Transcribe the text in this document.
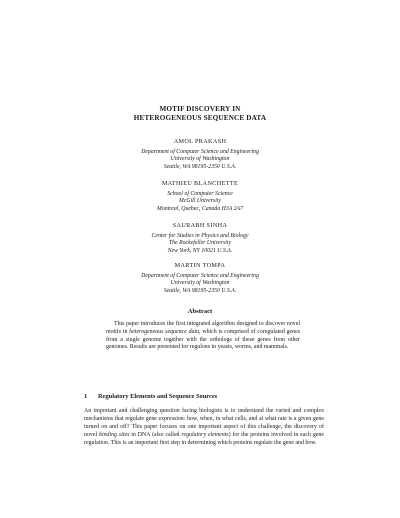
MOTIF DISCOVERY IN
HETEROGENEOUS SEQUENCE DATA
AMOL PRAKASH
Department of Computer Science and Engineering
University of Washington
Seattle, WA 98195-2350 U.S.A.
MATHIEU BLANCHETTE
School of Computer Science
McGill University
Montreal, Quebec, Canada H3A 2A7
SAURABH SINHA
Center for Studies in Physics and Biology
The Rockefeller University
New York, NY 10021 U.S.A.
MARTIN TOMPA
Department of Computer Science and Engineering
University of Washington
Seattle, WA 98195-2350 U.S.A.
Abstract
This paper introduces the first integrated algorithm designed to discover novel motifs in heterogeneous sequence data, which is comprised of coregulated genes from a single genome together with the orthologs of these genes from other genomes. Results are presented for regulons in yeasts, worms, and mammals.
1 Regulatory Elements and Sequence Sources
An important and challenging question facing biologists is to understand the varied and complex mechanisms that regulate gene expression: how, when, in what cells, and at what rate is a given gene turned on and off? This paper focuses on one important aspect of this challenge, the discovery of novel binding sites in DNA (also called regulatory elements) for the proteins involved in such gene regulation. This is an important first step in determining which proteins regulate the gene and how.
